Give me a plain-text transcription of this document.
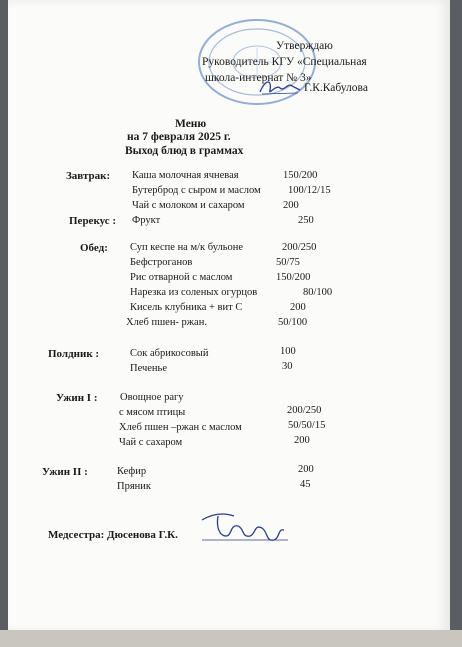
Утверждаю
Руководитель КГУ «Специальная
школа-интернат № 3»
Г.К.Кабулова
Меню
на 7 февраля 2025 г.
Выход блюд в граммах
Завтрак: Каша молочная ячневая	150/200
Бутерброд с сыром и маслом	100/12/15
Чай с молоком и сахаром	200
Перекус : Фрукт	250
Обед: Суп кеспе на м/к бульоне	200/250
Бефстроганов	50/75
Рис отварной с маслом	150/200
Нарезка из соленых огурцов	80/100
Кисель клубника + вит С	200
Хлеб пшен- ржан.	50/100
Полдник :	Сок абрикосовый	100
Печенье	30
Ужин I : Овощное рагу
с мясом птицы	200/250
Хлеб пшен –ржан с маслом	50/50/15
Чай с сахаром	200
Ужин II :	Кефир	200
Пряник	45
Медсестра: Дюсенова Г.К.
